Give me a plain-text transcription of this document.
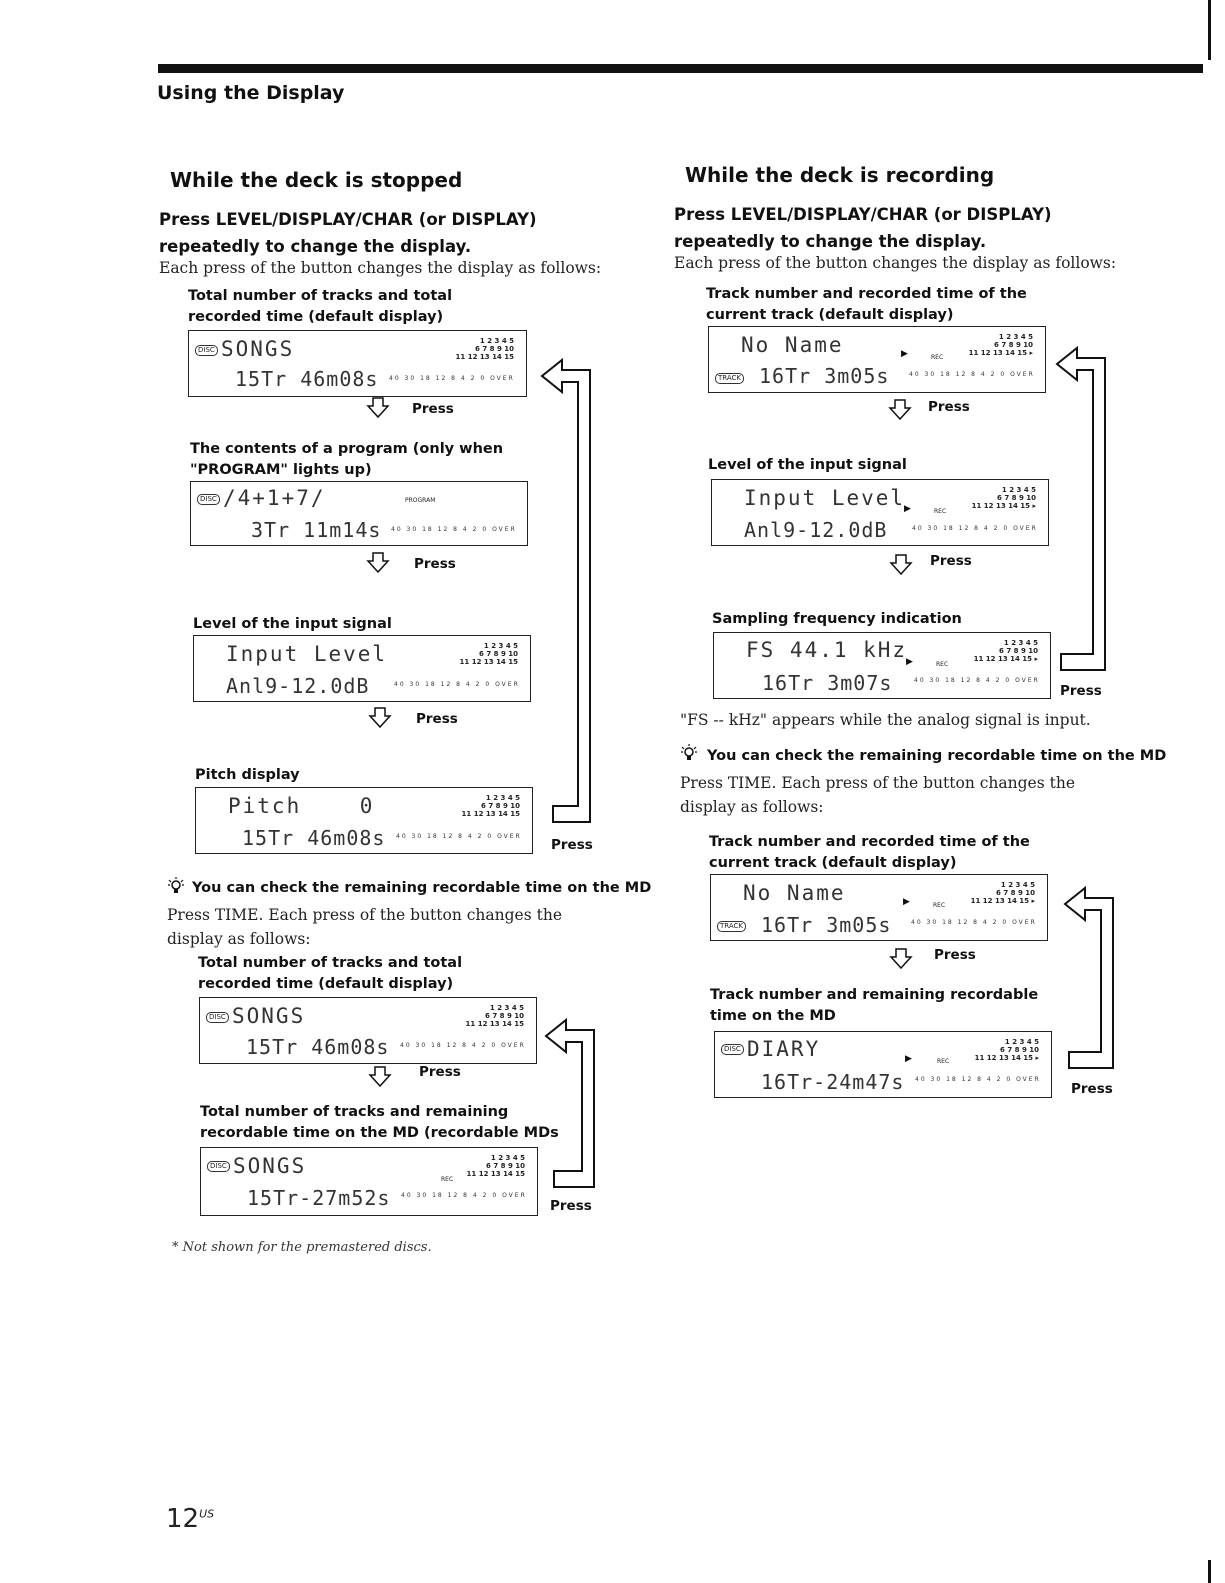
Using the Display
While the deck is stopped
Press LEVEL/DISPLAY/CHAR (or DISPLAY) repeatedly to change the display.
Each press of the button changes the display as follows:
Total number of tracks and total recorded time (default display)
DISC SONGS	1 2 3 4 5
6 7 8 9 10
11 12 13 14 15
15Tr 46m08s 40 30 18 12 8 4 2 0 OVER
Press
The contents of a program (only when "PROGRAM" lights up)
DISC /4+1+7/	PROGRAM
3Tr 11m14s 40 30 18 12 8 4 2 0 OVER
Press
Level of the input signal
Input Level	1 2 3 4 5
6 7 8 9 10
11 12 13 14 15
Anl9-12.0dB	40 30 18 12 8 4 2 0 OVER
Press
Pitch display
Pitch    0	1 2 3 4 5
6 7 8 9 10
11 12 13 14 15
15Tr 46m08s 40 30 18 12 8 4 2 0 OVER
Press
You can check the remaining recordable time on the MD
Press TIME. Each press of the button changes the display as follows:
Total number of tracks and total recorded time (default display)
DISC SONGS	1 2 3 4 5
6 7 8 9 10
11 12 13 14 15
15Tr 46m08s 40 30 18 12 8 4 2 0 OVER
Press
Total number of tracks and remaining recordable time on the MD (recordable MDs
DISC SONGS
REC
1 2 3 4 5
6 7 8 9 10
11 12 13 14 15
15Tr-27m52s 40 30 18 12 8 4 2 0 OVER
Press
* Not shown for the premastered discs.
While the deck is recording
Press LEVEL/DISPLAY/CHAR (or DISPLAY) repeatedly to change the display.
Each press of the button changes the display as follows:
Track number and recorded time of the current track (default display)
No Name	▶	REC
1 2 3 4 5
6 7 8 9 10
11 12 13 14 15 ▸
TRACK 16Tr 3m05s	40 30 18 12 8 4 2 0 OVER
Press
Level of the input signal
Input Level
▶	REC
1 2 3 4 5
6 7 8 9 10
11 12 13 14 15 ▸
Anl9-12.0dB	40 30 18 12 8 4 2 0 OVER
Press
Sampling frequency indication
FS 44.1 kHz
▶	REC
1 2 3 4 5
6 7 8 9 10
11 12 13 14 15 ▸
16Tr 3m07s	40 30 18 12 8 4 2 0 OVER
Press
"FS -- kHz" appears while the analog signal is input.
You can check the remaining recordable time on the MD
Press TIME. Each press of the button changes the display as follows:
Track number and recorded time of the current track (default display)
No Name	▶	REC
1 2 3 4 5
6 7 8 9 10
11 12 13 14 15 ▸
TRACK 16Tr 3m05s	40 30 18 12 8 4 2 0 OVER
Press
Track number and remaining recordable time on the MD
DISC DIARY	▶	REC
1 2 3 4 5
6 7 8 9 10
11 12 13 14 15 ▸
16Tr-24m47s 40 30 18 12 8 4 2 0 OVER
Press
$12^{US}$
